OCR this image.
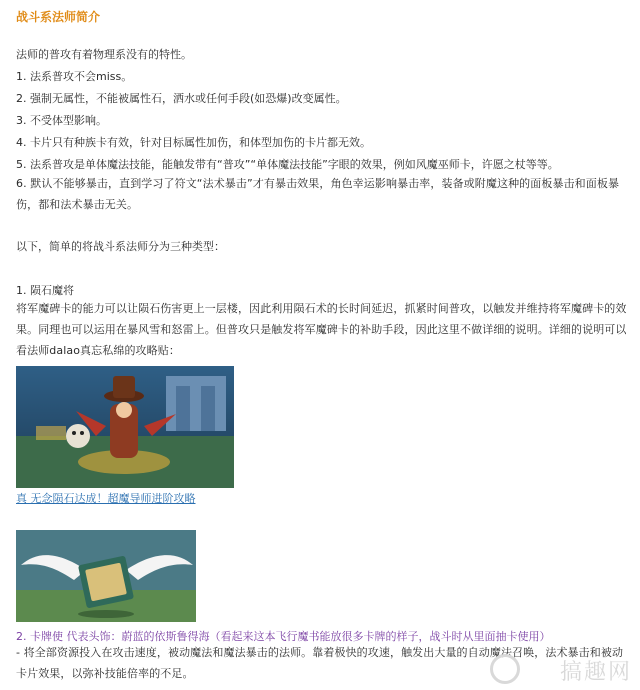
战斗系法师简介
法师的普攻有着物理系没有的特性。
1. 法系普攻不会miss。
2. 强制无属性，不能被属性石，洒水或任何手段(如恐爆)改变属性。
3. 不受体型影响。
4. 卡片只有种族卡有效，针对目标属性加伤，和体型加伤的卡片都无效。
5. 法系普攻是单体魔法技能，能触发带有“普攻”“单体魔法技能”字眼的效果，例如风魔巫师卡，许愿之杖等等。
6. 默认不能够暴击，直到学习了符文“法术暴击”才有暴击效果，角色幸运影响暴击率，装备或附魔这种的面板暴击和面板暴伤，都和法术暴击无关。
以下，简单的将战斗系法师分为三种类型：
1. 陨石魔将
将军魔碑卡的能力可以让陨石伤害更上一层楼，因此利用陨石术的长时间延迟，抓紧时间普攻，以触发并维持将军魔碑卡的效果。同理也可以运用在暴风雪和怒雷上。但普攻只是触发将军魔碑卡的补助手段，因此这里不做详细的说明。详细的说明可以看法师dalao真忘私绵的攻略贴：
真 无念陨石达成！超魔导师进阶攻略
2. 卡牌使 代表头饰：蔚蓝的依斯鲁得海（看起来这本飞行魔书能放很多卡牌的样子，战斗时从里面抽卡使用）
- 将全部资源投入在攻击速度，被动魔法和魔法暴击的法师。靠着极快的攻速，触发出大量的自动魔法召唤，法术暴击和被动卡片效果，以弥补技能倍率的不足。	搞趣网
